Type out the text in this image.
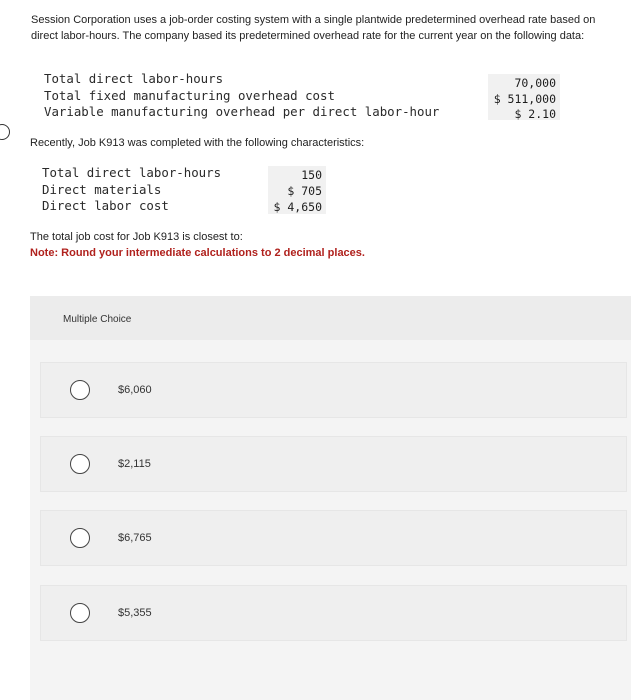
Session Corporation uses a job-order costing system with a single plantwide predetermined overhead rate based on direct labor-hours. The company based its predetermined overhead rate for the current year on the following data:
Total direct labor-hours
Total fixed manufacturing overhead cost
Variable manufacturing overhead per direct labor-hour
70,000
$ 511,000
$ 2.10
Recently, Job K913 was completed with the following characteristics:
Total direct labor-hours
Direct materials
Direct labor cost
150
$ 705
$ 4,650
The total job cost for Job K913 is closest to:
Note: Round your intermediate calculations to 2 decimal places.
Multiple Choice
$6,060
$2,115
$6,765
$5,355
